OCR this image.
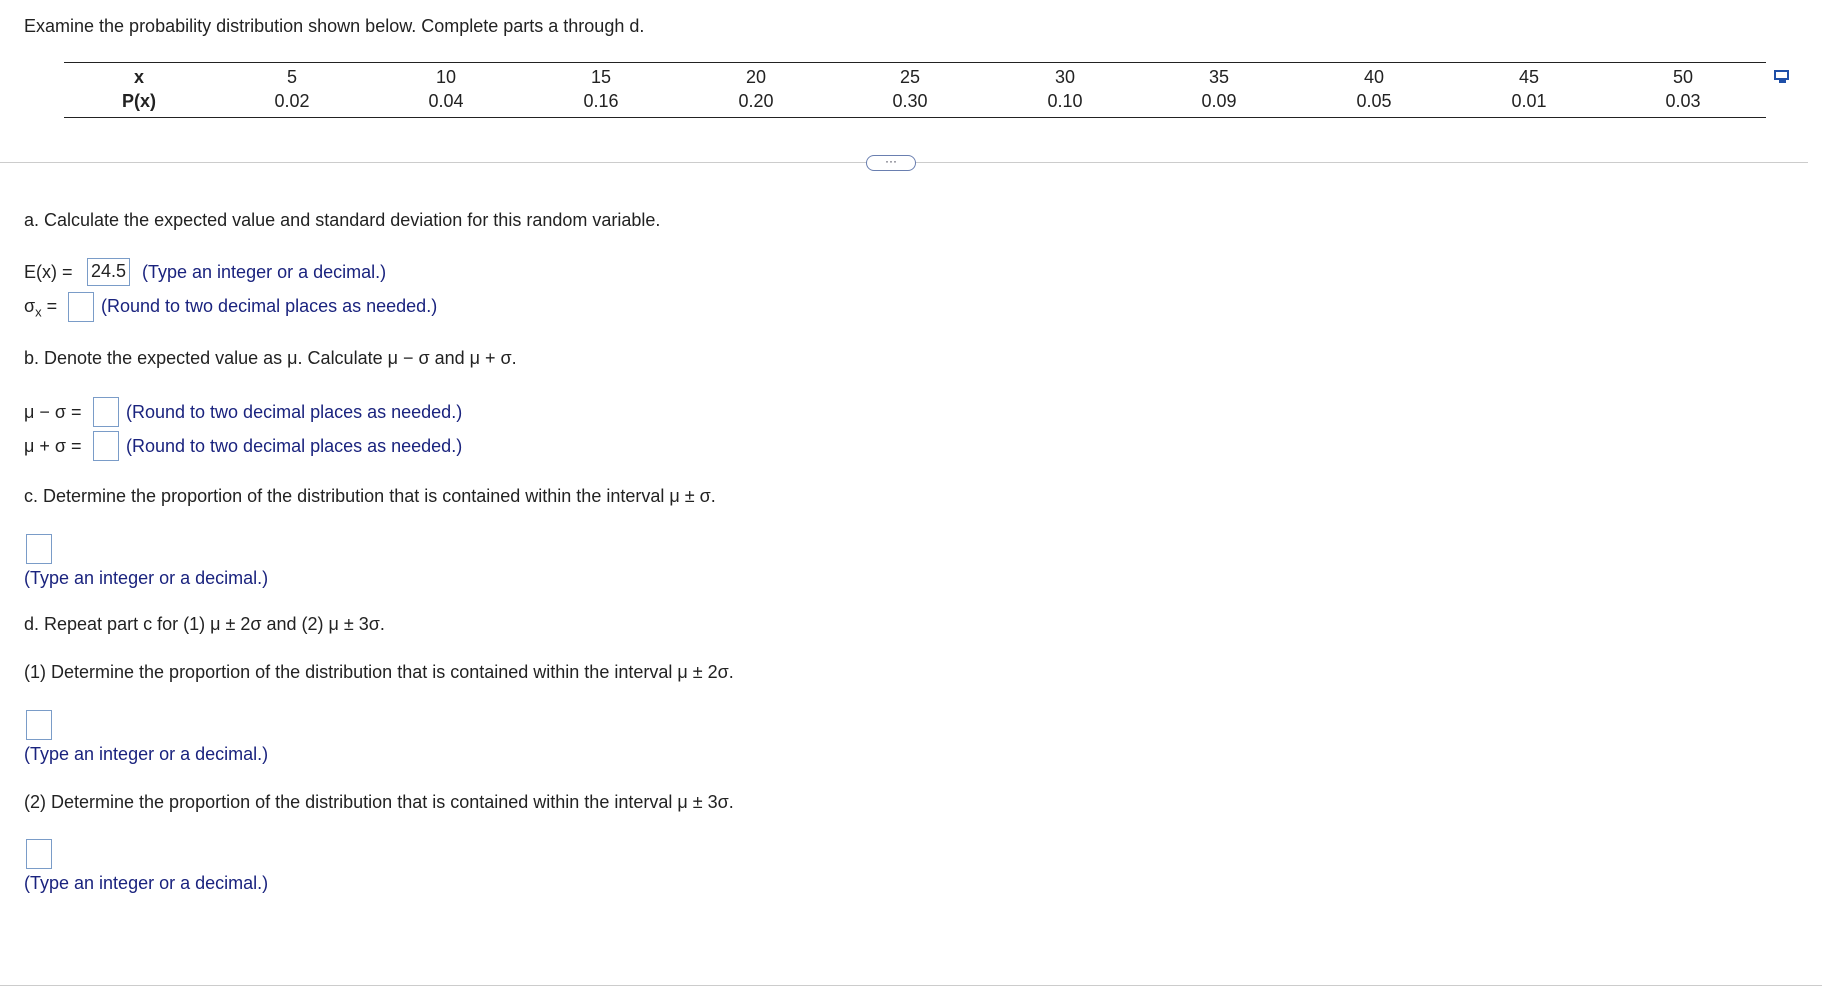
Examine the probability distribution shown below. Complete parts a through d.
x
P(x)
5
0.02
10
0.04
15
0.16
20
0.20
25
0.30
30
0.10
35
0.09
40
0.05
45
0.01
50
0.03
···
a. Calculate the expected value and standard deviation for this random variable.
E(x) = 24.5 (Type an integer or a decimal.)
$\sigma_x$ = (Round to two decimal places as needed.)
b. Denote the expected value as μ. Calculate μ − σ and μ + σ.
μ − σ = (Round to two decimal places as needed.)
μ + σ = (Round to two decimal places as needed.)
c. Determine the proportion of the distribution that is contained within the interval μ ± σ.
(Type an integer or a decimal.)
d. Repeat part c for (1) μ ± 2σ and (2) μ ± 3σ.
(1) Determine the proportion of the distribution that is contained within the interval μ ± 2σ.
(Type an integer or a decimal.)
(2) Determine the proportion of the distribution that is contained within the interval μ ± 3σ.
(Type an integer or a decimal.)
